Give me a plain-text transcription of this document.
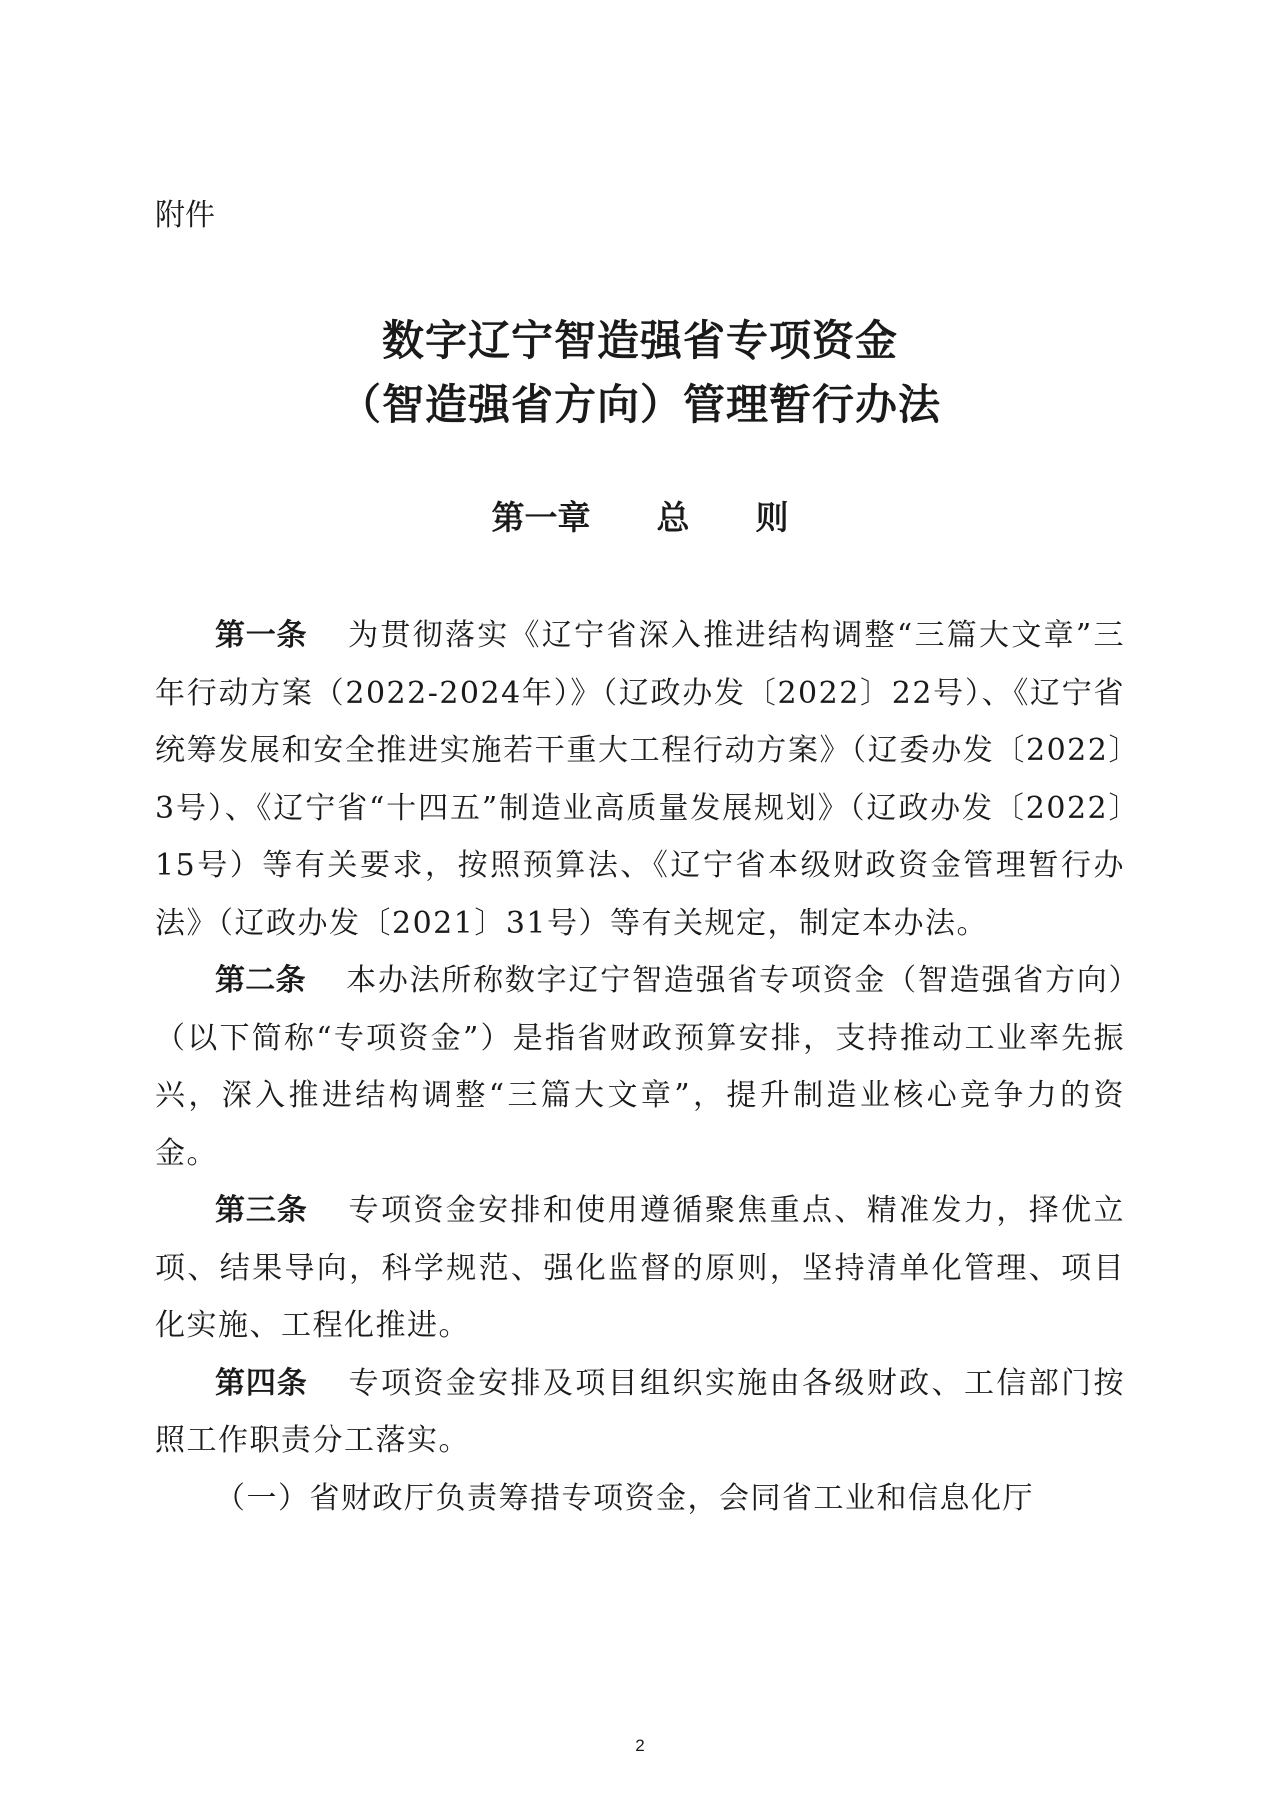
附件
数字辽宁智造强省专项资金
（智造强省方向）管理暂行办法
第一章　　总　　则

第一条 为贯彻落实《辽宁省深入推进结构调整“三篇大文章”三年行动方案（2022-2024年）》（辽政办发〔2022〕22号）、《辽宁省统筹发展和安全推进实施若干重大工程行动方案》（辽委办发〔2022〕3号）、《辽宁省“十四五”制造业高质量发展规划》（辽政办发〔2022〕15号）等有关要求，按照预算法、《辽宁省本级财政资金管理暂行办法》（辽政办发〔2021〕31号）等有关规定，制定本办法。

第二条 本办法所称数字辽宁智造强省专项资金（智造强省方向）（以下简称“专项资金”）是指省财政预算安排，支持推动工业率先振兴，深入推进结构调整“三篇大文章”，提升制造业核心竞争力的资金。

第三条 专项资金安排和使用遵循聚焦重点、精准发力，择优立项、结果导向，科学规范、强化监督的原则，坚持清单化管理、项目化实施、工程化推进。

第四条 专项资金安排及项目组织实施由各级财政、工信部门按照工作职责分工落实。

（一）省财政厅负责筹措专项资金，会同省工业和信息化厅

2
